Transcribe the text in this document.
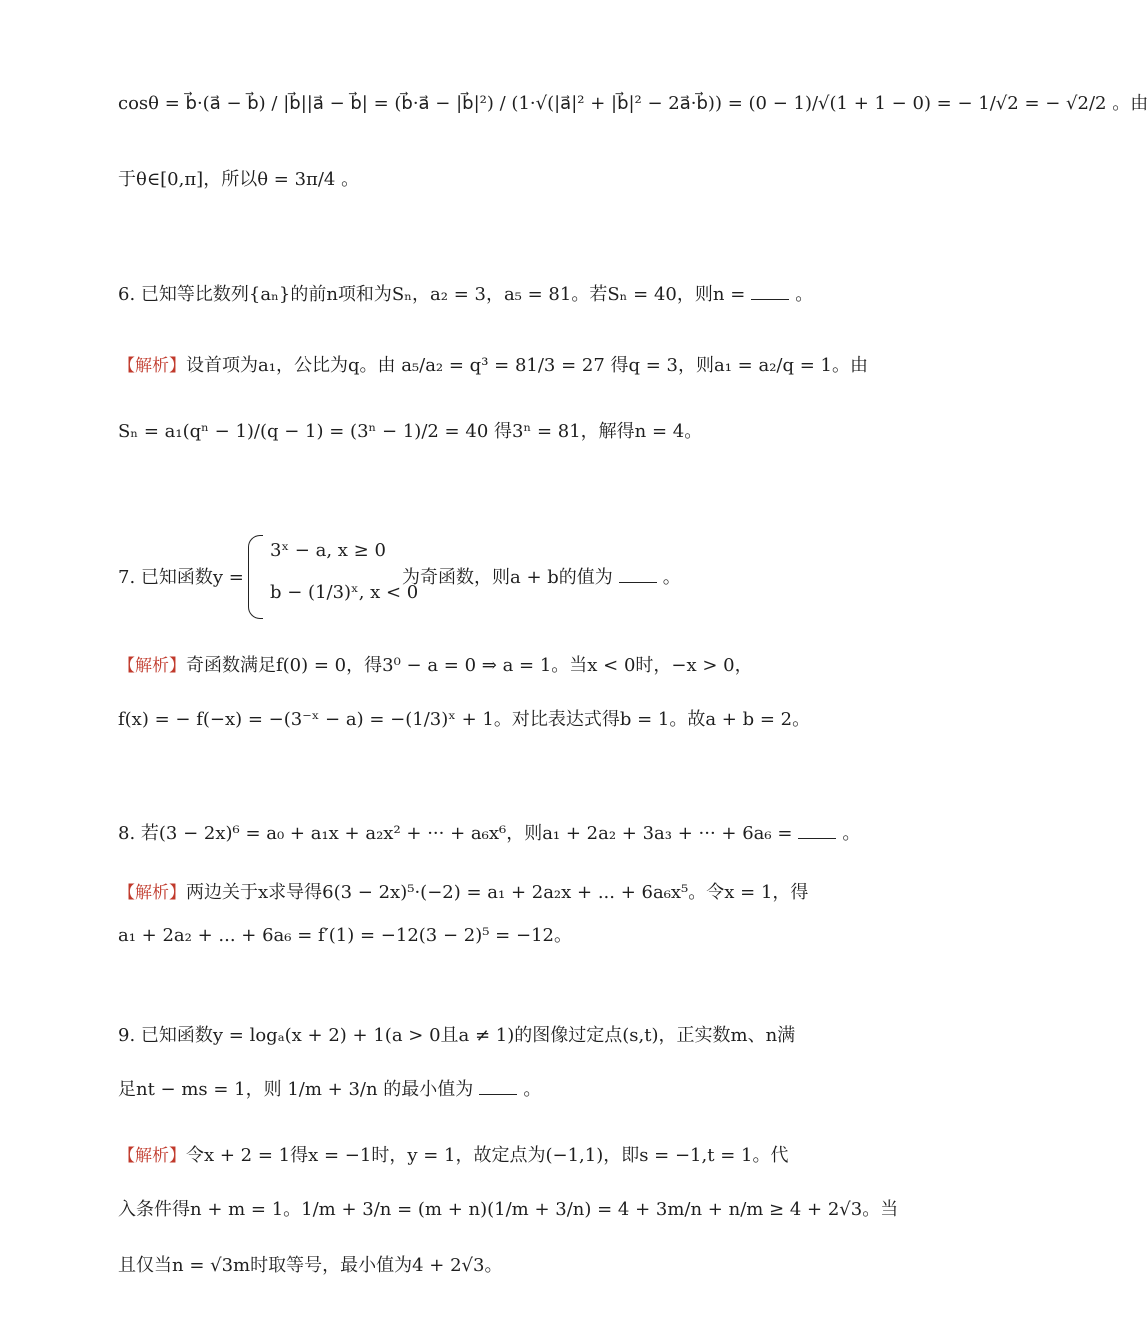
cosθ = b⃗·(a⃗ − b⃗) / |b⃗||a⃗ − b⃗| = (b⃗·a⃗ − |b⃗|²) / (1·√(|a⃗|² + |b⃗|² − 2a⃗·b⃗)) = (0 − 1)/√(1 + 1 − 0) = − 1/√2 = − √2/2 。由
于θ∈[0,π]，所以θ = 3π/4 。
6. 已知等比数列{aₙ}的前n项和为Sₙ，a₂ = 3，a₅ = 81。若Sₙ = 40，则n =	。
【解析】设首项为a₁，公比为q。由 a₅/a₂ = q³ = 81/3 = 27 得q = 3，则a₁ = a₂/q = 1。由
Sₙ = a₁(qⁿ − 1)/(q − 1) = (3ⁿ − 1)/2 = 40 得3ⁿ = 81，解得n = 4。
7. 已知函数y =
3ˣ − a, x ≥ 0
b − (1/3)ˣ, x < 0
为奇函数，则a + b的值为	。
【解析】奇函数满足f(0) = 0，得3⁰ − a = 0 ⇒ a = 1。当x < 0时，−x > 0，
f(x) = − f(−x) = −(3⁻ˣ − a) = −(1/3)ˣ + 1。对比表达式得b = 1。故a + b = 2。
8. 若(3 − 2x)⁶ = a₀ + a₁x + a₂x² + ··· + a₆x⁶，则a₁ + 2a₂ + 3a₃ + ··· + 6a₆ =	。
【解析】两边关于x求导得6(3 − 2x)⁵·(−2) = a₁ + 2a₂x + ... + 6a₆x⁵。令x = 1，得
a₁ + 2a₂ + ... + 6a₆ = f′(1) = −12(3 − 2)⁵ = −12。
9. 已知函数y = logₐ(x + 2) + 1(a > 0且a ≠ 1)的图像过定点(s,t)，正实数m、n满
足nt − ms = 1，则 1/m + 3/n 的最小值为	。
【解析】令x + 2 = 1得x = −1时，y = 1，故定点为(−1,1)，即s = −1,t = 1。代
入条件得n + m = 1。1/m + 3/n = (m + n)(1/m + 3/n) = 4 + 3m/n + n/m ≥ 4 + 2√3。当
且仅当n = √3m时取等号，最小值为4 + 2√3。
